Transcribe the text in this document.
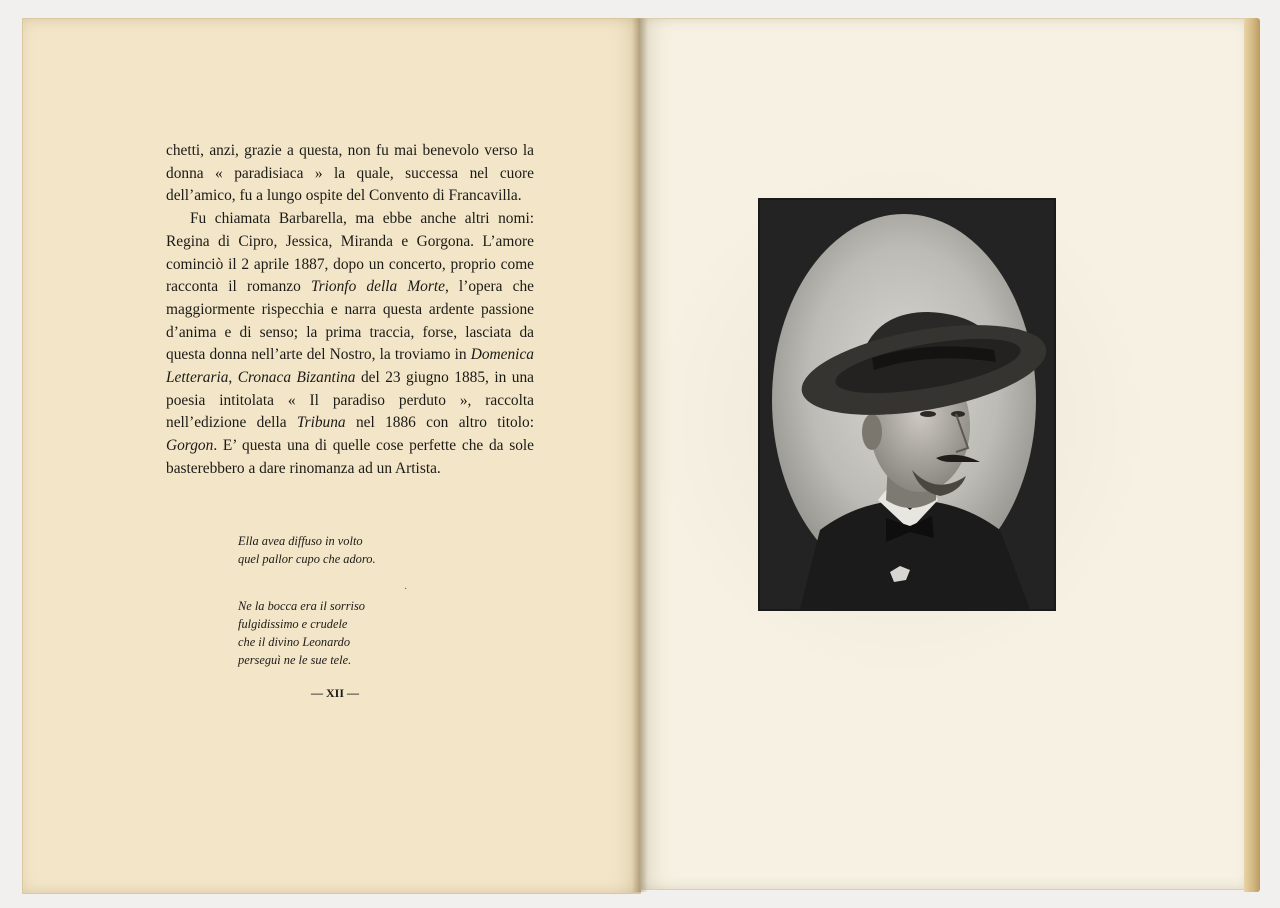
chetti, anzi, grazie a questa, non fu mai benevolo verso la donna « paradisiaca » la quale, successa nel cuore dell’amico, fu a lungo ospite del Convento di Francavilla.

Fu chiamata Barbarella, ma ebbe anche altri nomi: Regina di Cipro, Jessica, Miranda e Gorgona. L’amore cominciò il 2 aprile 1887, dopo un concerto, proprio come racconta il romanzo Trionfo della Morte, l’opera che maggiormente rispecchia e narra questa ardente passione d’anima e di senso; la prima traccia, forse, lasciata da questa donna nell’arte del Nostro, la troviamo in Domenica Letteraria, Cronaca Bizantina del 23 giugno 1885, in una poesia intitolata « Il paradiso perduto », raccolta nell’edizione della Tribuna nel 1886 con altro titolo: Gorgon. E’ questa una di quelle cose perfette che da sole basterebbero a dare rinomanza ad un Artista.

Ella avea diffuso in volto

quel pallor cupo che adoro.

·

Ne la bocca era il sorriso

fulgidissimo e crudele

che il divino Leonardo

perseguì ne le sue tele.

— XII —
